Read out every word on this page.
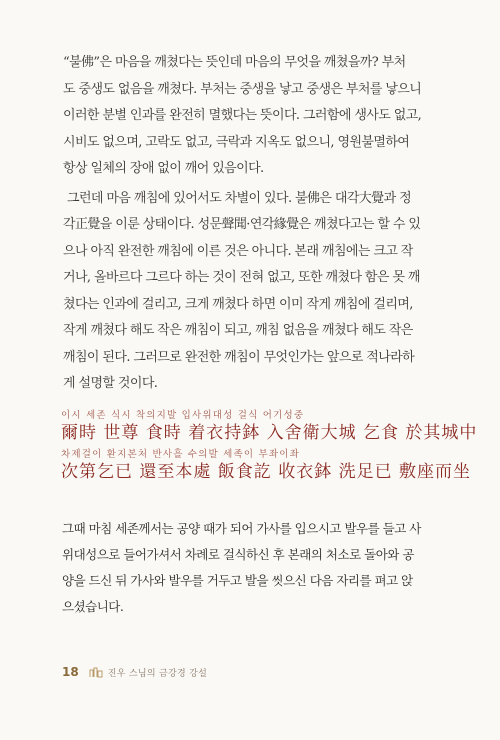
“불佛”은 마음을 깨쳤다는 뜻인데 마음의 무엇을 깨쳤을까? 부처
도 중생도 없음을 깨쳤다. 부처는 중생을 낳고 중생은 부처를 낳으니
이러한 분별 인과를 완전히 멸했다는 뜻이다. 그러함에 생사도 없고,
시비도 없으며, 고락도 없고, 극락과 지옥도 없으니, 영원불멸하여
항상 일체의 장애 없이 깨어 있음이다.

그런데 마음 깨침에 있어서도 차별이 있다. 불佛은 대각大覺과 정
각正覺을 이룬 상태이다. 성문聲聞·연각緣覺은 깨쳤다고는 할 수 있
으나 아직 완전한 깨침에 이른 것은 아니다. 본래 깨침에는 크고 작
거나, 올바르다 그르다 하는 것이 전혀 없고, 또한 깨쳤다 함은 못 깨
쳤다는 인과에 걸리고, 크게 깨쳤다 하면 이미 작게 깨침에 걸리며,
작게 깨쳤다 해도 작은 깨침이 되고, 깨침 없음을 깨쳤다 해도 작은
깨침이 된다. 그러므로 완전한 깨침이 무엇인가는 앞으로 적나라하
게 설명할 것이다.

이시 세존 식시 착의지발 입사위대성 걸식 어기성중
爾時 世尊 食時 着衣持鉢 入舍衛大城 乞食 於其城中
차제걸이 환지본처 반사흘 수의발 세족이 부좌이좌
次第乞已 還至本處 飯食訖 收衣鉢 洗足已 敷座而坐
그때 마침 세존께서는 공양 때가 되어 가사를 입으시고 발우를 들고 사
위대성으로 들어가셔서 차례로 걸식하신 후 본래의 처소로 돌아와 공
양을 드신 뒤 가사와 발우를 거두고 발을 씻으신 다음 자리를 펴고 앉
으셨습니다.
18	진우 스님의 금강경 강설
